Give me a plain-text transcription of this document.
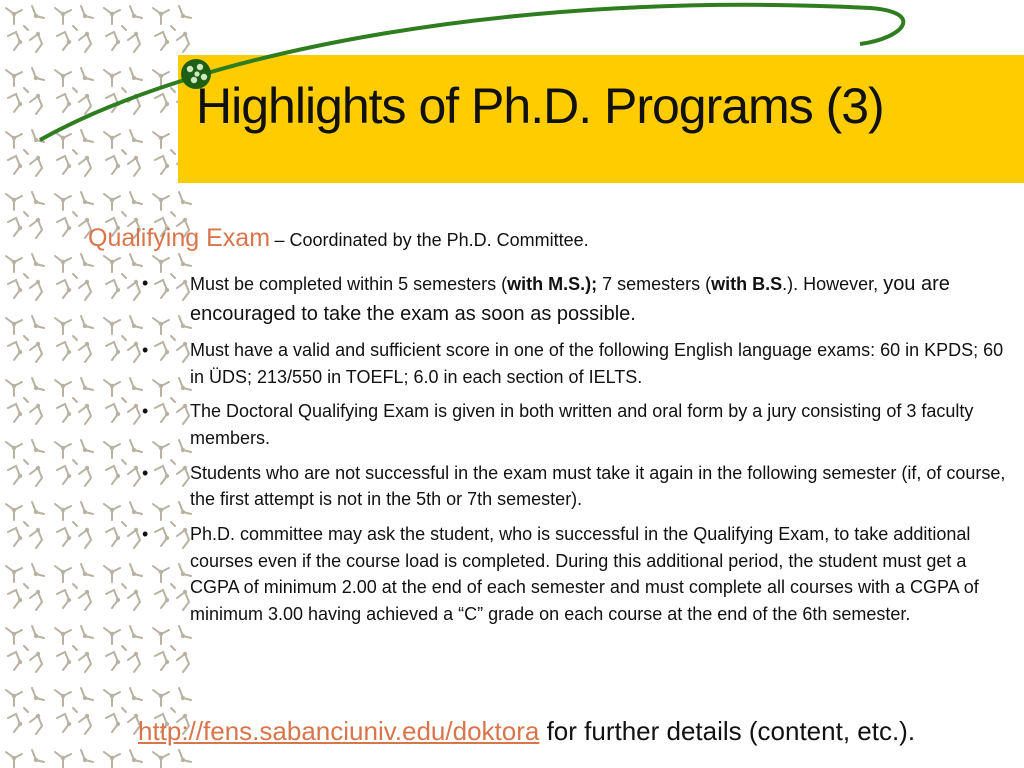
Highlights of Ph.D. Programs (3)
Qualifying Exam – Coordinated by the Ph.D. Committee.
• Must be completed within 5 semesters (with M.S.); 7 semesters (with B.S.). However, you are encouraged to take the exam as soon as possible.
• Must have a valid and sufficient score in one of the following English language exams: 60 in KPDS; 60 in ÜDS; 213/550 in TOEFL; 6.0 in each section of IELTS.
• The Doctoral Qualifying Exam is given in both written and oral form by a jury consisting of 3 faculty members.
• Students who are not successful in the exam must take it again in the following semester (if, of course, the first attempt is not in the 5th or 7th semester).
• Ph.D. committee may ask the student, who is successful in the Qualifying Exam, to take additional courses even if the course load is completed. During this additional period, the student must get a CGPA of minimum 2.00 at the end of each semester and must complete all courses with a CGPA of minimum 3.00 having achieved a “C” grade on each course at the end of the 6th semester.
http://fens.sabanciuniv.edu/doktora for further details (content, etc.).
